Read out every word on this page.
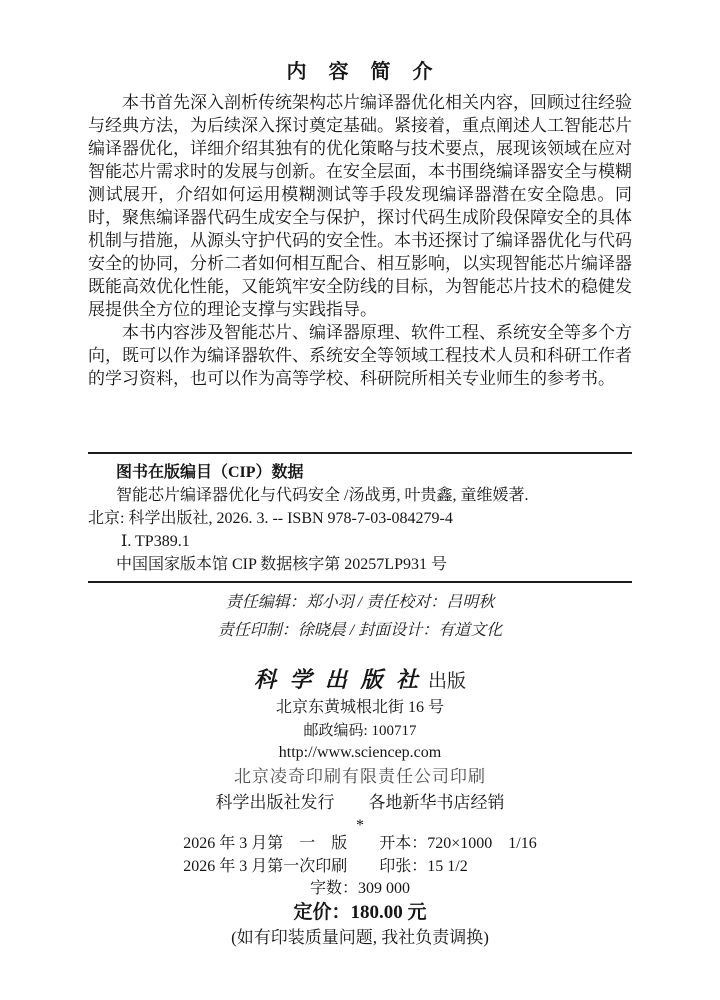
内　容　简　介

本书首先深入剖析传统架构芯片编译器优化相关内容，回顾过往经验与经典方法，为后续深入探讨奠定基础。紧接着，重点阐述人工智能芯片编译器优化，详细介绍其独有的优化策略与技术要点，展现该领域在应对智能芯片需求时的发展与创新。在安全层面，本书围绕编译器安全与模糊测试展开，介绍如何运用模糊测试等手段发现编译器潜在安全隐患。同时，聚焦编译器代码生成安全与保护，探讨代码生成阶段保障安全的具体机制与措施，从源头守护代码的安全性。本书还探讨了编译器优化与代码安全的协同，分析二者如何相互配合、相互影响，以实现智能芯片编译器既能高效优化性能，又能筑牢安全防线的目标，为智能芯片技术的稳健发展提供全方位的理论支撑与实践指导。

本书内容涉及智能芯片、编译器原理、软件工程、系统安全等多个方向，既可以作为编译器软件、系统安全等领域工程技术人员和科研工作者的学习资料，也可以作为高等学校、科研院所相关专业师生的参考书。

图书在版编目（CIP）数据
智能芯片编译器优化与代码安全 /汤战勇, 叶贵鑫, 童维媛著.
北京: 科学出版社, 2026. 3. -- ISBN 978-7-03-084279-4
Ⅰ. TP389.1
中国国家版本馆 CIP 数据核字第 20257LP931 号
责任编辑：郑小羽 / 责任校对：吕明秋
责任印制：徐晓晨 / 封面设计：有道文化
科 学 出 版 社 出版
北京东黄城根北街 16 号
邮政编码: 100717
http://www.sciencep.com
北京凌奇印刷有限责任公司印刷
科学出版社发行　　各地新华书店经销
*
2026 年 3 月第　一　版　　开本：720×1000　1/16
2026 年 3 月第一次印刷　　印张：15 1/2
字数：309 000
定价：180.00 元
(如有印装质量问题, 我社负责调换)
